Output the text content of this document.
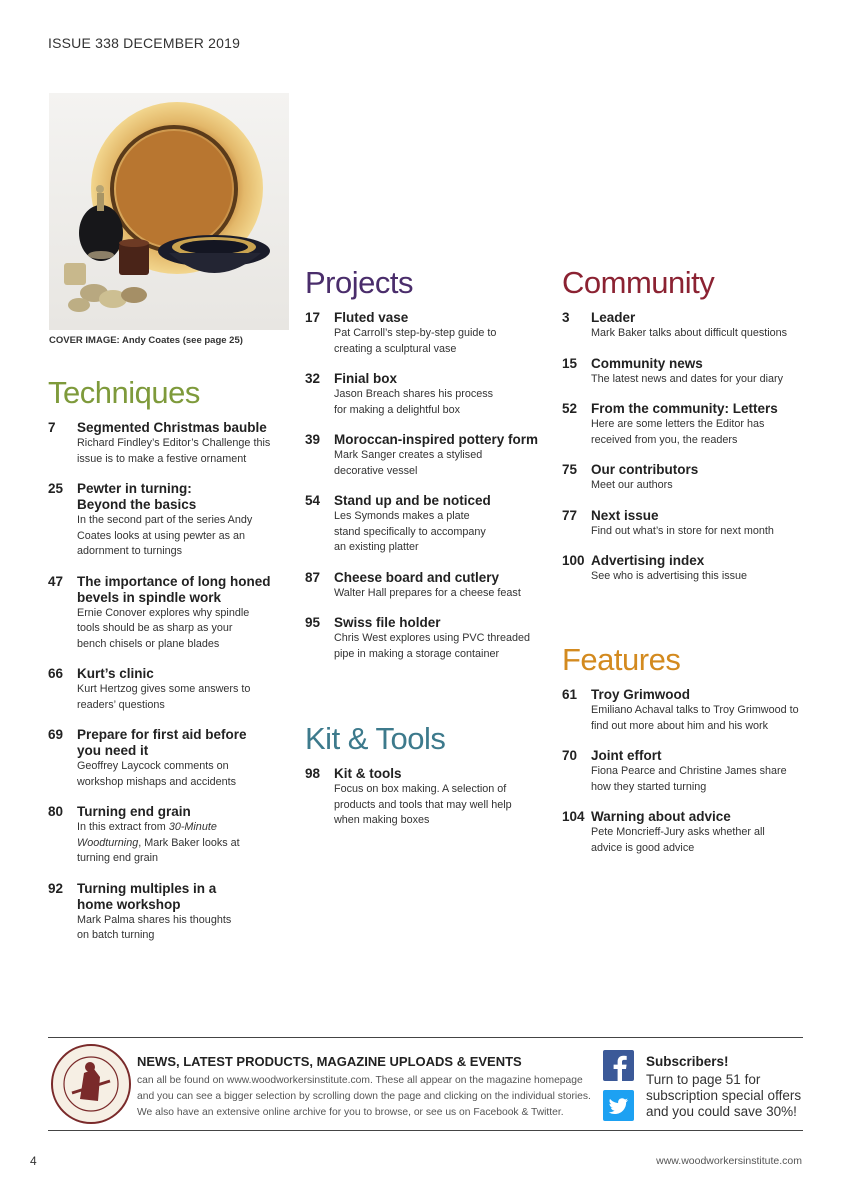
ISSUE 338 DECEMBER 2019
COVER IMAGE: Andy Coates (see page 25)
Techniques
7	Segmented Christmas bauble
Richard Findley’s Editor’s Challenge this issue is to make a festive ornament
25	Pewter in turning: Beyond the basics
In the second part of the series Andy Coates looks at using pewter as an adornment to turnings
47	The importance of long honed bevels in spindle work
Ernie Conover explores why spindle tools should be as sharp as your bench chisels or plane blades
66	Kurt’s clinic
Kurt Hertzog gives some answers to readers’ questions
69	Prepare for first aid before you need it
Geoffrey Laycock comments on workshop mishaps and accidents
80	Turning end grain
In this extract from 30-Minute Woodturning, Mark Baker looks at turning end grain
92	Turning multiples in a home workshop
Mark Palma shares his thoughts on batch turning
Projects
17	Fluted vase
Pat Carroll’s step-by-step guide to creating a sculptural vase
32	Finial box
Jason Breach shares his process for making a delightful box
39	Moroccan-inspired pottery form
Mark Sanger creates a stylised decorative vessel
54	Stand up and be noticed
Les Symonds makes a plate stand specifically to accompany an existing platter
87	Cheese board and cutlery
Walter Hall prepares for a cheese feast
95	Swiss file holder
Chris West explores using PVC threaded pipe in making a storage container
Kit & Tools
98	Kit & tools
Focus on box making. A selection of products and tools that may well help when making boxes
Community
3	Leader
Mark Baker talks about difficult questions
15	Community news
The latest news and dates for your diary
52	From the community: Letters
Here are some letters the Editor has received from you, the readers
75	Our contributors
Meet our authors
77	Next issue
Find out what’s in store for next month
100 Advertising index
See who is advertising this issue
Features
61	Troy Grimwood
Emiliano Achaval talks to Troy Grimwood to find out more about him and his work
70	Joint effort
Fiona Pearce and Christine James share how they started turning
104 Warning about advice
Pete Moncrieff-Jury asks whether all advice is good advice
NEWS, LATEST PRODUCTS, MAGAZINE UPLOADS & EVENTS
can all be found on www.woodworkersinstitute.com. These all appear on the magazine homepage and you can see a bigger selection by scrolling down the page and clicking on the individual stories. We also have an extensive online archive for you to browse, or see us on Facebook & Twitter.
Subscribers!
Turn to page 51 for subscription special offers and you could save 30%!
4	www.woodworkersinstitute.com
